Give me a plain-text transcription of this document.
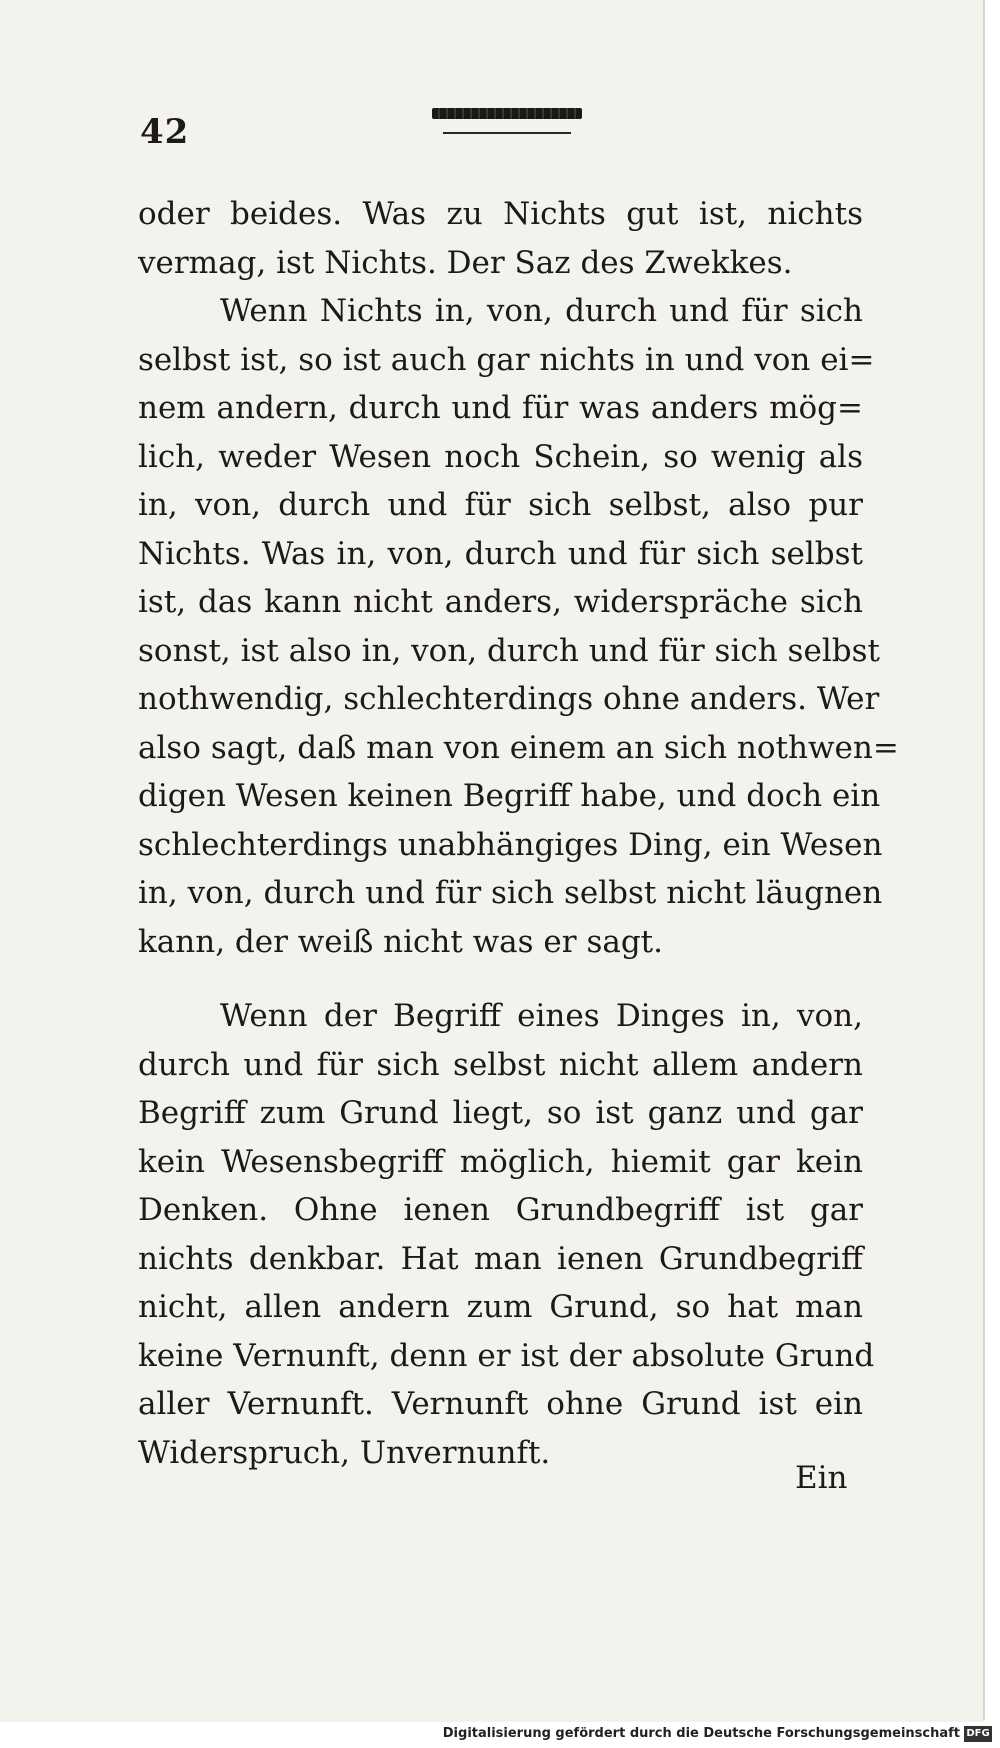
42
oder beides. Was zu Nichts gut ist, nichts
vermag, ist Nichts. Der Saz des Zwekkes.
Wenn Nichts in, von, durch und für sich
selbst ist, so ist auch gar nichts in und von ei=
nem andern, durch und für was anders mög=
lich, weder Wesen noch Schein, so wenig als
in, von, durch und für sich selbst, also pur
Nichts. Was in, von, durch und für sich selbst
ist, das kann nicht anders, widerspräche sich
sonst, ist also in, von, durch und für sich selbst
nothwendig, schlechterdings ohne anders. Wer
also sagt, daß man von einem an sich nothwen=
digen Wesen keinen Begriff habe, und doch ein
schlechterdings unabhängiges Ding, ein Wesen
in, von, durch und für sich selbst nicht läugnen
kann, der weiß nicht was er sagt.
Wenn der Begriff eines Dinges in, von,
durch und für sich selbst nicht allem andern
Begriff zum Grund liegt, so ist ganz und gar
kein Wesensbegriff möglich, hiemit gar kein
Denken. Ohne ienen Grundbegriff ist gar
nichts denkbar. Hat man ienen Grundbegriff
nicht, allen andern zum Grund, so hat man
keine Vernunft, denn er ist der absolute Grund
aller Vernunft. Vernunft ohne Grund ist ein
Widerspruch, Unvernunft.
Ein
Digitalisierung gefördert durch die Deutsche Forschungsgemeinschaft DFG
